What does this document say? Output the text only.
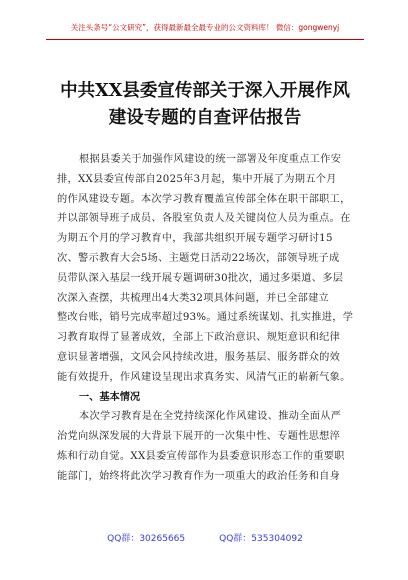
关注头条号“公文研究”，获得最新最全最专业的公文资料库！ 微信：gongwenyj
中共XX县委宣传部关于深入开展作风
建设专题的自查评估报告

根据县委关于加强作风建设的统一部署及年度重点工作安

排，XX县委宣传部自2025年3月起，集中开展了为期五个月

的作风建设专题。本次学习教育覆盖宣传部全体在职干部职工，

并以部领导班子成员、各股室负责人及关键岗位人员为重点。在

为期五个月的学习教育中，我部共组织开展专题学习研讨15

次、警示教育大会5场、主题党日活动22场次，部领导班子成

员带队深入基层一线开展专题调研30批次，通过多渠道、多层

次深入查摆，共梳理出4大类32项具体问题，并已全部建立

整改台账，销号完成率超过93%。通过系统谋划、扎实推进，学

习教育取得了显著成效，全部上下政治意识、规矩意识和纪律

意识显著增强，文风会风持续改进，服务基层、服务群众的效

能有效提升，作风建设呈现出求真务实、风清气正的崭新气象。

一、基本情况

本次学习教育是在全党持续深化作风建设、推动全面从严

治党向纵深发展的大背景下展开的一次集中性、专题性思想淬

炼和行动自觉。XX县委宣传部作为县委意识形态工作的重要职

能部门，始终将此次学习教育作为一项重大的政治任务和自身

QQ群：30265665	QQ群：535304092
